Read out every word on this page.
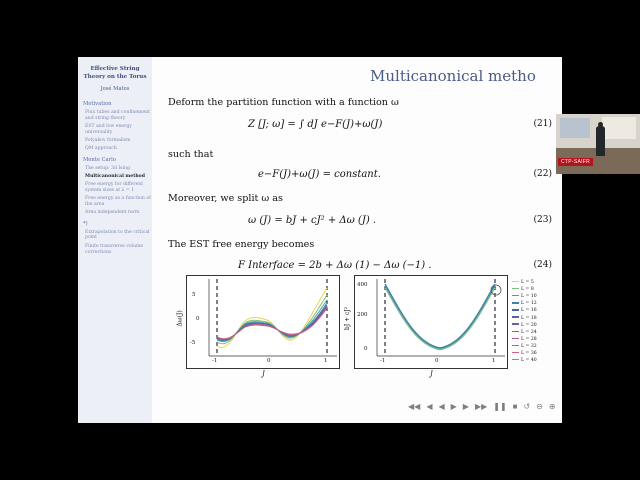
Effective String Theory on the Torus
José Matos
Motivation
Flux tubes and confinement and string theory
EST and low energy universality
Polyakov formalism
QM approach
Monte Carlo
The setup: 3d Ising
Multicanonical method
Free energy for different system sizes at λ = 1
Free energy as a function of the area
Area independent term
*)
Extrapolation to the critical point
Finite transverse volume corrections
Multicanonical metho
Deform the partition function with a function ω
Z [J; ω] = ∫ dJ e−F(J)+ω(J)	(21)
such that
e−F(J)+ω(J) = constant.	(22)
Moreover, we split ω as
ω (J) = bJ + cJ² + Δω (J) .	(23)
The EST free energy becomes
F Interface = 2b + Δω (1) − Δω (−1) .	(24)
5
0
-5
-1	0	1
Δω(J)
J
400
200
0
-1	0	1
bJ + cJ²
J
L = 5
L = 8
L = 10
L = 12
L = 16
L = 18
L = 20
L = 24
L = 28
L = 32
L = 36
L = 40
◀◀ ◀ ◀ ▶ ▶ ▶▶ ❚❚ ■ ↺ ⊖ ⊕
CTP-SAIFR
